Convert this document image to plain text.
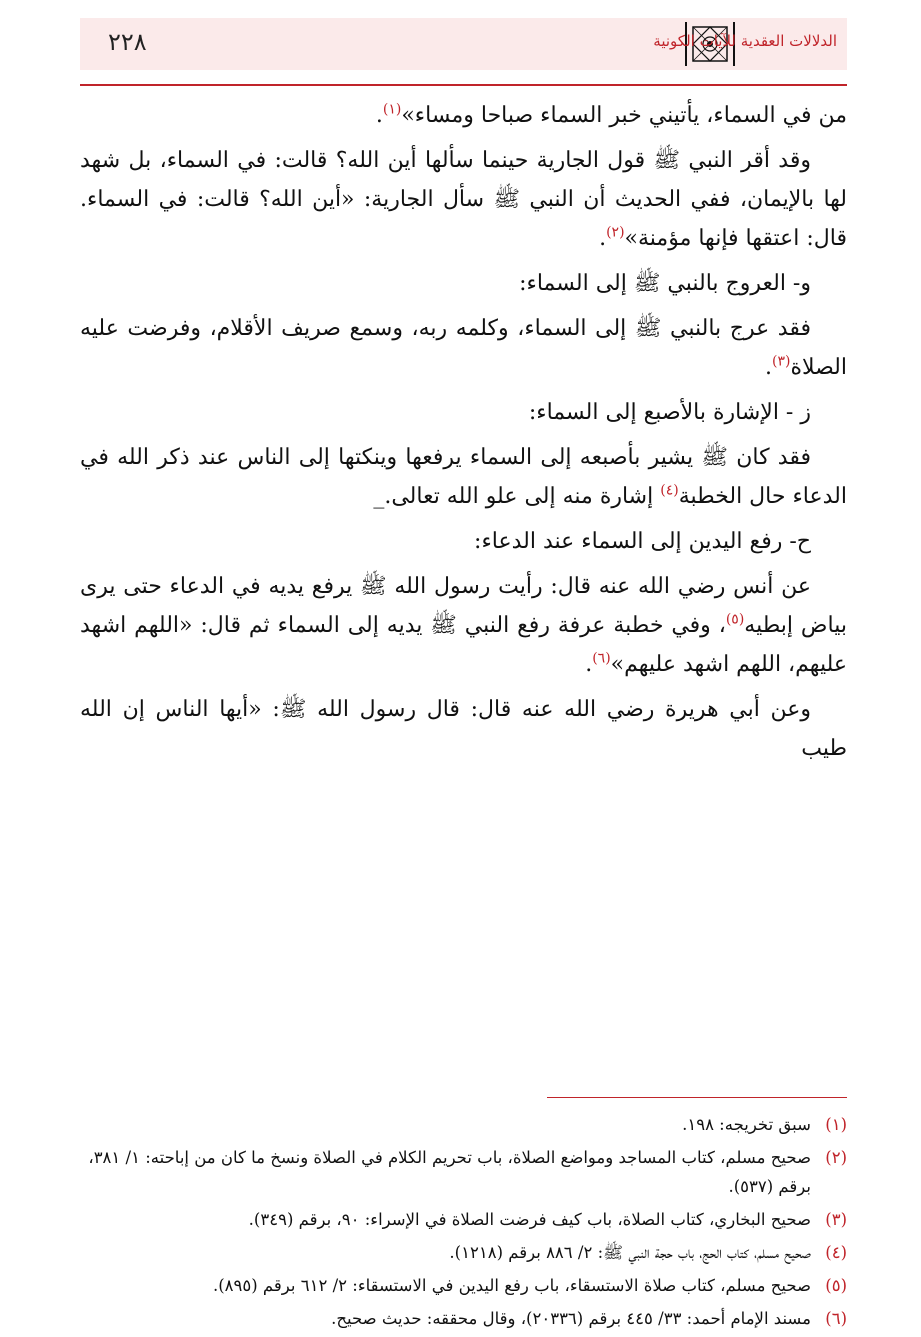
٢٢٨	الدلالات العقدية للآيات الكونية

من في السماء، يأتيني خبر السماء صباحا ومساء»$^{(١)}$.

وقد أقر النبي ﷺ قول الجارية حينما سألها أين الله؟ قالت: في السماء، بل شهد لها بالإيمان، ففي الحديث أن النبي ﷺ سأل الجارية: «أين الله؟ قالت: في السماء. قال: اعتقها فإنها مؤمنة»$^{(٢)}$.

و- العروج بالنبي ﷺ إلى السماء:

فقد عرج بالنبي ﷺ إلى السماء، وكلمه ربه، وسمع صريف الأقلام، وفرضت عليه الصلاة$^{(٣)}$.

ز - الإشارة بالأصبع إلى السماء:

فقد كان ﷺ يشير بأصبعه إلى السماء يرفعها وينكتها إلى الناس عند ذكر الله في الدعاء حال الخطبة$^{(٤)}$ إشارة منه إلى علو الله تعالى._

ح- رفع اليدين إلى السماء عند الدعاء:

عن أنس رضي الله عنه قال: رأيت رسول الله ﷺ يرفع يديه في الدعاء حتى يرى بياض إبطيه$^{(٥)}$، وفي خطبة عرفة رفع النبي ﷺ يديه إلى السماء ثم قال: «اللهم اشهد عليهم، اللهم اشهد عليهم»$^{(٦)}$.

وعن أبي هريرة رضي الله عنه قال: قال رسول الله ﷺ: «أيها الناس إن الله طيب

(١)
سبق تخريجه: ١٩٨.
(٢)
صحيح مسلم، كتاب المساجد ومواضع الصلاة، باب تحريم الكلام في الصلاة ونسخ ما كان من إباحته: ١/ ٣٨١، برقم (٥٣٧).
(٣)
صحيح البخاري، كتاب الصلاة، باب كيف فرضت الصلاة في الإسراء: ٩٠، برقم (٣٤٩).
(٤)
صحيح مسلم، كتاب الحج، باب حجة النبي ﷺ: ٢/ ٨٨٦ برقم (١٢١٨).
(٥)
صحيح مسلم، كتاب صلاة الاستسقاء، باب رفع اليدين في الاستسقاء: ٢/ ٦١٢ برقم (٨٩٥).
(٦)
مسند الإمام أحمد: ٣٣/ ٤٤٥ برقم (٢٠٣٣٦)، وقال محققه: حديث صحيح.
